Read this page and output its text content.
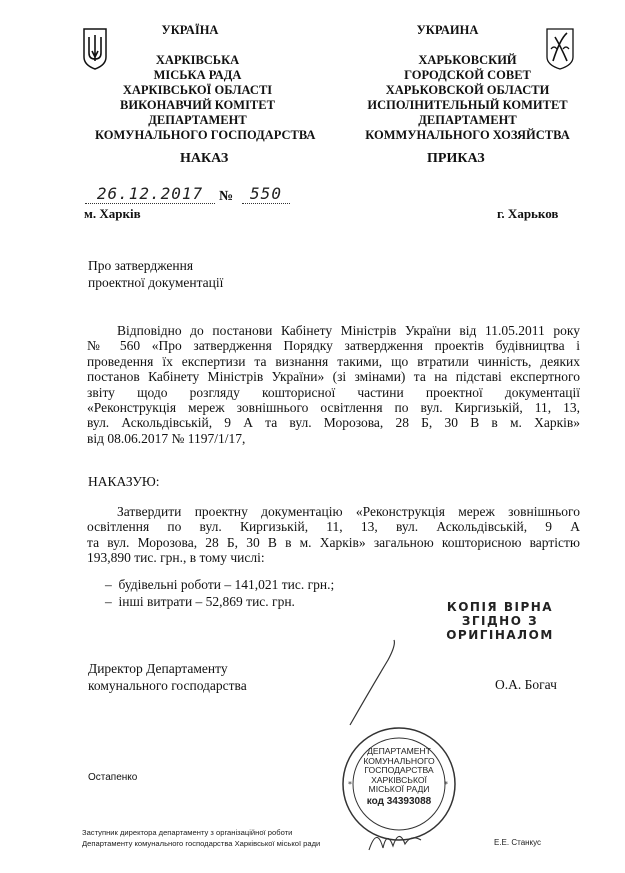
УКРАЇНА
ХАРКІВСЬКА
МІСЬКА РАДА
ХАРКІВСЬКОЇ ОБЛАСТІ
ВИКОНАВЧИЙ КОМІТЕТ
ДЕПАРТАМЕНТ
КОМУНАЛЬНОГО ГОСПОДАРСТВА
УКРАИНА
ХАРЬКОВСКИЙ
ГОРОДСКОЙ СОВЕТ
ХАРЬКОВСКОЙ ОБЛАСТИ
ИСПОЛНИТЕЛЬНЫЙ КОМИТЕТ
ДЕПАРТАМЕНТ
КОММУНАЛЬНОГО ХОЗЯЙСТВА
НАКАЗ	ПРИКАЗ
26.12.2017	№	550
м. Харків	г. Харьков
Про затвердження
проектної документації
Відповідно до постанови Кабінету Міністрів України від 11.05.2011 року
№ 560 «Про затвердження Порядку затвердження проектів будівництва і
проведення їх експертизи та визнання такими, що втратили чинність, деяких
постанов Кабінету Міністрів України» (зі змінами) та на підставі експертного
звіту щодо розгляду кошторисної частини проектної документації
«Реконструкція мереж зовнішнього освітлення по вул. Киргизькій, 11, 13,
вул. Аскольдівській, 9 А та вул. Морозова, 28 Б, 30 В в м. Харків»
від 08.06.2017 № 1197/1/17,
НАКАЗУЮ:
Затвердити проектну документацію «Реконструкція мереж зовнішнього
освітлення по вул. Киргизькій, 11, 13, вул. Аскольдівській, 9 А
та вул. Морозова, 28 Б, 30 В в м. Харків» загальною кошторисною вартістю
193,890 тис. грн., в тому числі:
–  будівельні роботи – 141,021 тис. грн.;
–  інші витрати – 52,869 тис. грн.	КОПІЯ ВІРНА
ЗГІДНО З
ОРИГІНАЛОМ
Директор Департаменту
комунального господарства	О.А. Богач
*	*
ДЕПАРТАМЕНТ
КОМУНАЛЬНОГО
ГОСПОДАРСТВА
ХАРКІВСЬКОЇ
МІСЬКОЇ РАДИ
код 34393088
Остапенко
Заступник директора департаменту з організаційної роботи
Департаменту комунального господарства Харківської міської ради	Е.Е. Станкус
